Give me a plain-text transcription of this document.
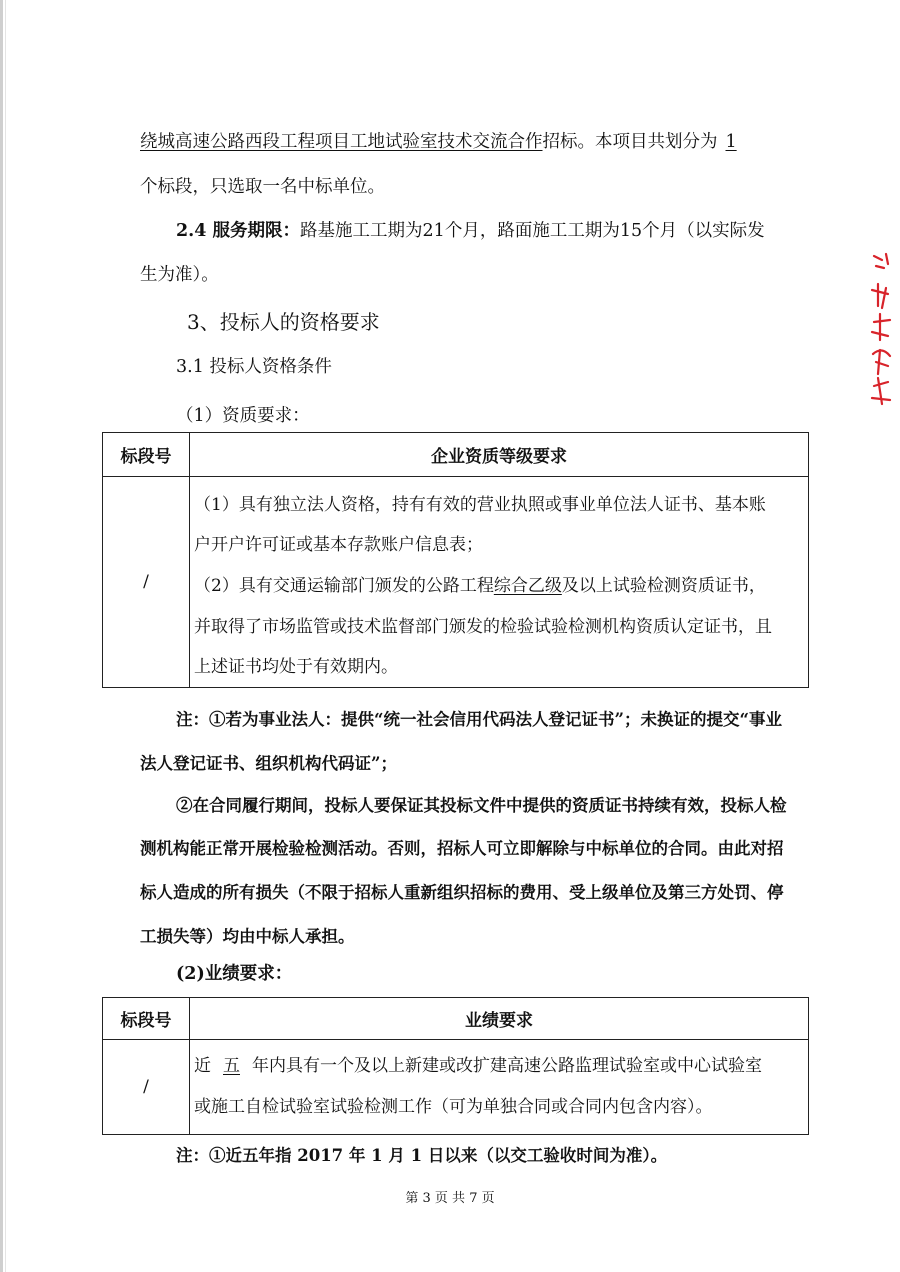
绕城高速公路西段工程项目工地试验室技术交流合作招标。本项目共划分为 1
个标段，只选取一名中标单位。
2.4 服务期限：路基施工工期为21个月，路面施工工期为15个月（以实际发
生为准）。
3、投标人的资格要求
3.1 投标人资格条件
（1）资质要求：
标段号	企业资质等级要求
/	（1）具有独立法人资格，持有有效的营业执照或事业单位法人证书、基本账
户开户许可证或基本存款账户信息表；
（2）具有交通运输部门颁发的公路工程综合乙级及以上试验检测资质证书，
并取得了市场监管或技术监督部门颁发的检验试验检测机构资质认定证书，且
上述证书均处于有效期内。
注：①若为事业法人：提供“统一社会信用代码法人登记证书”；未换证的提交“事业
法人登记证书、组织机构代码证”；
②在合同履行期间，投标人要保证其投标文件中提供的资质证书持续有效，投标人检
测机构能正常开展检验检测活动。否则，招标人可立即解除与中标单位的合同。由此对招
标人造成的所有损失（不限于招标人重新组织招标的费用、受上级单位及第三方处罚、停
工损失等）均由中标人承担。
(2)业绩要求：
标段号	业绩要求
/	近 五 年内具有一个及以上新建或改扩建高速公路监理试验室或中心试验室
或施工自检试验室试验检测工作（可为单独合同或合同内包含内容）。
注：①近五年指 2017 年 1 月 1 日以来（以交工验收时间为准）。
第 3 页 共 7 页
